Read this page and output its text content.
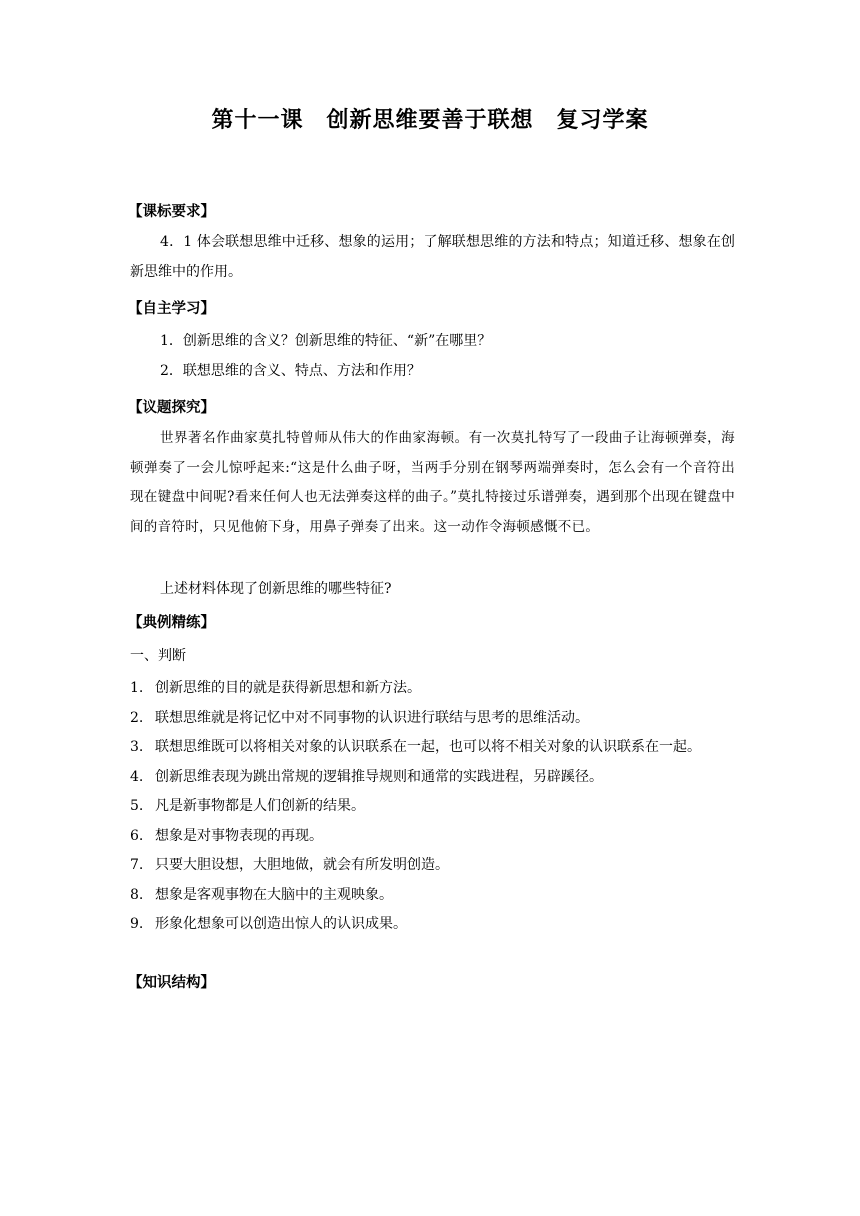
第十一课　创新思维要善于联想　复习学案
【课标要求】
4．1 体会联想思维中迁移、想象的运用；了解联想思维的方法和特点；知道迁移、想象在创新思维中的作用。
【自主学习】
1．创新思维的含义？创新思维的特征、“新”在哪里？
2．联想思维的含义、特点、方法和作用？
【议题探究】
世界著名作曲家莫扎特曾师从伟大的作曲家海顿。有一次莫扎特写了一段曲子让海顿弹奏，海顿弹奏了一会儿惊呼起来:“这是什么曲子呀，当两手分别在钢琴两端弹奏时，怎么会有一个音符出现在键盘中间呢?看来任何人也无法弹奏这样的曲子。”莫扎特接过乐谱弹奏，遇到那个出现在键盘中间的音符时，只见他俯下身，用鼻子弹奏了出来。这一动作令海顿感慨不已。
上述材料体现了创新思维的哪些特征?
【典例精练】
一、判断
1. 创新思维的目的就是获得新思想和新方法。
2. 联想思维就是将记忆中对不同事物的认识进行联结与思考的思维活动。
3. 联想思维既可以将相关对象的认识联系在一起，也可以将不相关对象的认识联系在一起。
4. 创新思维表现为跳出常规的逻辑推导规则和通常的实践进程，另辟蹊径。
5. 凡是新事物都是人们创新的结果。
6. 想象是对事物表现的再现。
7. 只要大胆设想，大胆地做，就会有所发明创造。
8. 想象是客观事物在大脑中的主观映象。
9. 形象化想象可以创造出惊人的认识成果。
【知识结构】
